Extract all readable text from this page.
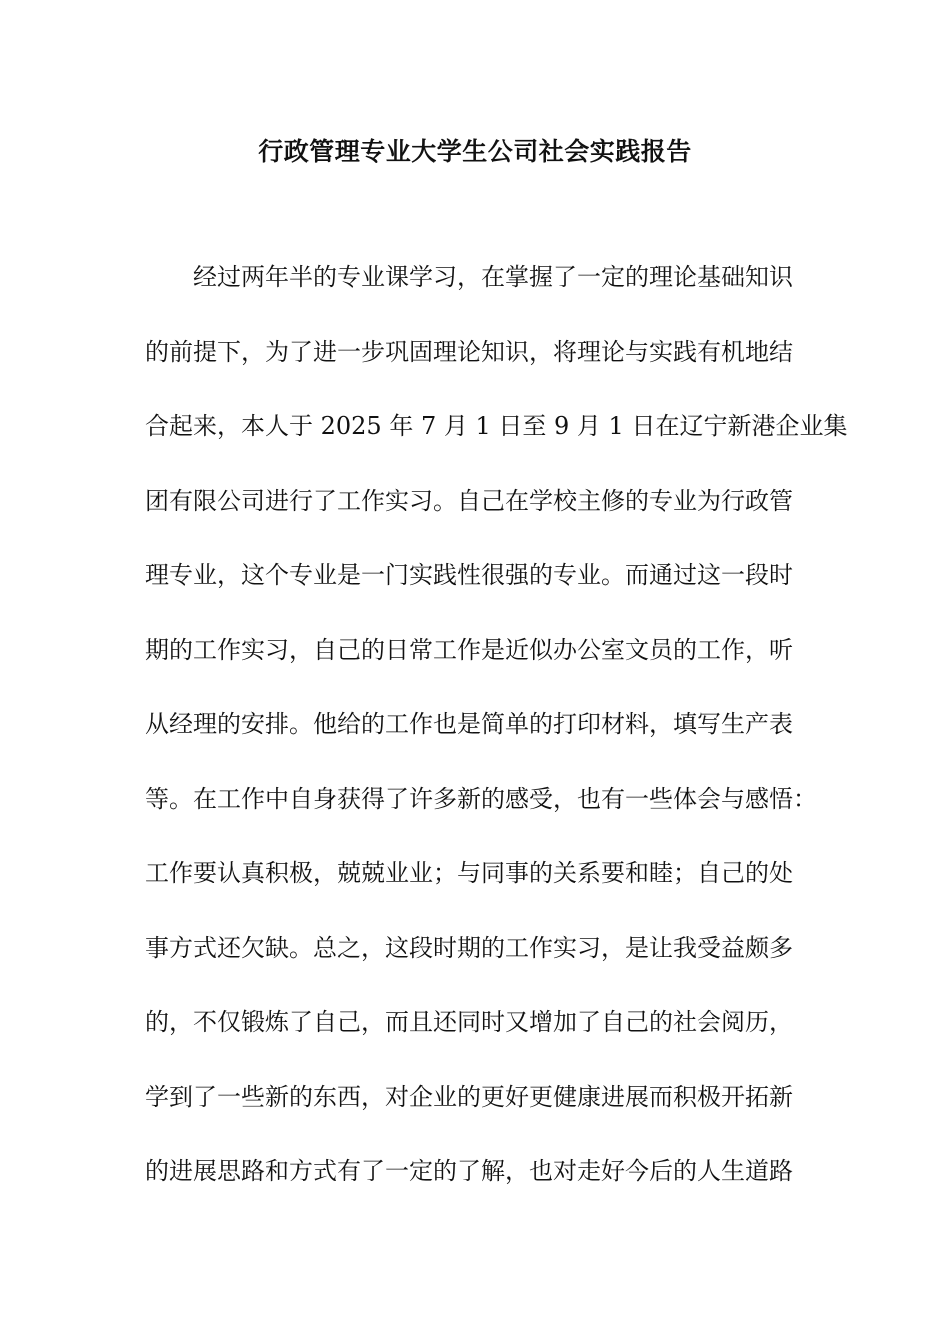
行政管理专业大学生公司社会实践报告
经过两年半的专业课学习，在掌握了一定的理论基础知识
的前提下，为了进一步巩固理论知识，将理论与实践有机地结
合起来，本人于 2025 年 7 月 1 日至 9 月 1 日在辽宁新港企业集
团有限公司进行了工作实习。自己在学校主修的专业为行政管
理专业，这个专业是一门实践性很强的专业。而通过这一段时
期的工作实习，自己的日常工作是近似办公室文员的工作，听
从经理的安排。他给的工作也是简单的打印材料，填写生产表
等。在工作中自身获得了许多新的感受，也有一些体会与感悟：
工作要认真积极，兢兢业业；与同事的关系要和睦；自己的处
事方式还欠缺。总之，这段时期的工作实习，是让我受益颇多
的，不仅锻炼了自己，而且还同时又增加了自己的社会阅历，
学到了一些新的东西，对企业的更好更健康进展而积极开拓新
的进展思路和方式有了一定的了解，也对走好今后的人生道路
